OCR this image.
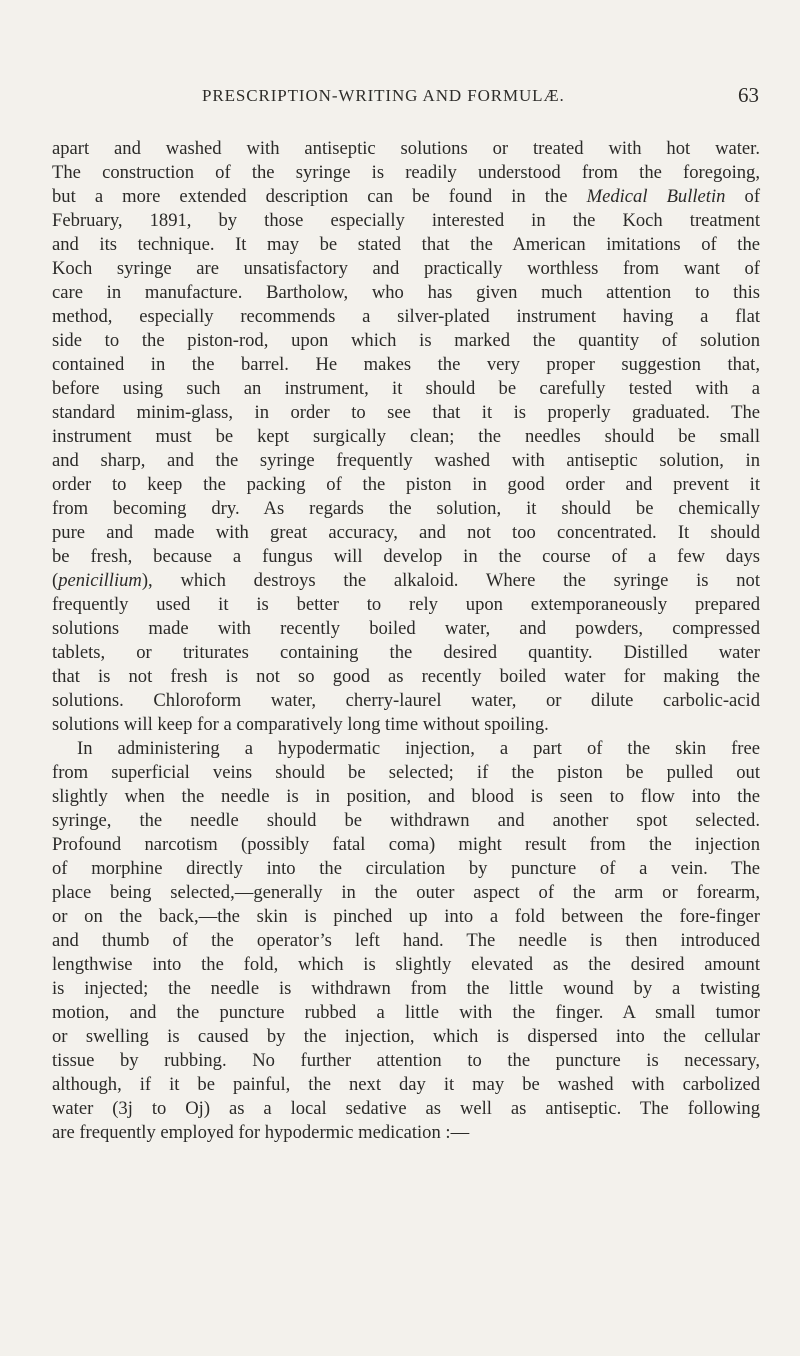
PRESCRIPTION-WRITING AND FORMULÆ.	63
apart and washed with antiseptic solutions or treated with hot water.
The construction of the syringe is readily understood from the foregoing,
but a more extended description can be found in the Medical Bulletin of
February, 1891, by those especially interested in the Koch treatment
and its technique. It may be stated that the American imitations of the
Koch syringe are unsatisfactory and practically worthless from want of
care in manufacture. Bartholow, who has given much attention to this
method, especially recommends a silver-plated instrument having a flat
side to the piston-rod, upon which is marked the quantity of solution
contained in the barrel. He makes the very proper suggestion that,
before using such an instrument, it should be carefully tested with a
standard minim-glass, in order to see that it is properly graduated. The
instrument must be kept surgically clean; the needles should be small
and sharp, and the syringe frequently washed with antiseptic solution, in
order to keep the packing of the piston in good order and prevent it
from becoming dry. As regards the solution, it should be chemically
pure and made with great accuracy, and not too concentrated. It should
be fresh, because a fungus will develop in the course of a few days
(penicillium), which destroys the alkaloid. Where the syringe is not
frequently used it is better to rely upon extemporaneously prepared
solutions made with recently boiled water, and powders, compressed
tablets, or triturates containing the desired quantity. Distilled water
that is not fresh is not so good as recently boiled water for making the
solutions. Chloroform water, cherry-laurel water, or dilute carbolic-acid
solutions will keep for a comparatively long time without spoiling.
In administering a hypodermatic injection, a part of the skin free
from superficial veins should be selected; if the piston be pulled out
slightly when the needle is in position, and blood is seen to flow into the
syringe, the needle should be withdrawn and another spot selected.
Profound narcotism (possibly fatal coma) might result from the injection
of morphine directly into the circulation by puncture of a vein. The
place being selected,—generally in the outer aspect of the arm or forearm,
or on the back,—the skin is pinched up into a fold between the fore-finger
and thumb of the operator’s left hand. The needle is then introduced
lengthwise into the fold, which is slightly elevated as the desired amount
is injected; the needle is withdrawn from the little wound by a twisting
motion, and the puncture rubbed a little with the finger. A small tumor
or swelling is caused by the injection, which is dispersed into the cellular
tissue by rubbing. No further attention to the puncture is necessary,
although, if it be painful, the next day it may be washed with carbolized
water (3j to Oj) as a local sedative as well as antiseptic. The following
are frequently employed for hypodermic medication :—
